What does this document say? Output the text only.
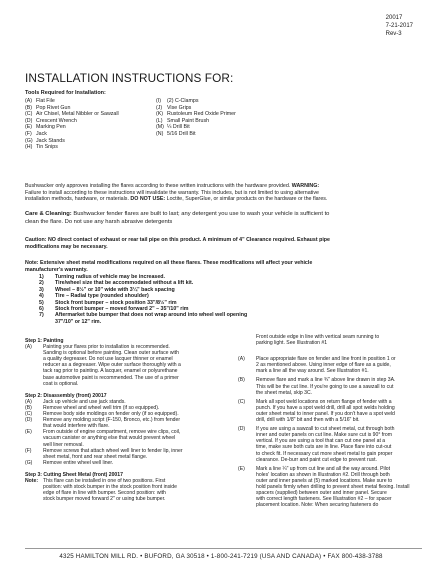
20017
7-21-2017
Rev-3
INSTALLATION INSTRUCTIONS FOR:
Tools Required for Installation:
(A) Flat File
(B) Pop Rivet Gun
(C) Air Chisel, Metal Nibbler or Sawzall
(D) Crescent Wrench
(E) Marking Pen
(F) Jack
(G) Jack Stands
(H) Tin Snips
(I) (2) C-Clamps
(J) Vise Grips
(K) Rustoleum Red Oxide Primer
(L) Small Paint Brush
(M) ¼ Drill Bit
(N) 5/16 Drill Bit

Bushwacker only approves installing the flares according to these written instructions with the hardware provided. WARNING:

Failure to install according to these instructions will invalidate the warranty. This includes, but is not limited to using alternative

installation methods, hardware, or materials. DO NOT USE: Loctite, SuperGlue, or similar products on the hardware or the flares.

Care & Cleaning: Bushwacker fender flares are built to last; any detergent you use to wash your vehicle is sufficient to

clean the flare. Do not use any harsh abrasive detergents

Caution: NO direct contact of exhaust or rear tail pipe on this product. A minimum of 4" Clearance required. Exhaust pipe

modifications may be necessary.

Note: Extensive sheet metal modifications required on all these flares. These modifications will affect your vehicle

manufacturer's warranty.

1) Turning radius of vehicle may be increased.
2) Tire/wheel size that be accommodated without a lift kit.
3) Wheel – 8½" or 10" wide with 3¼" back spacing
4) Tire – Radial type (rounded shoulder)
5) Stock front bumper – stock position 33"/8½" rim
6) Stock front bumper – moved forward 2" – 35"/10" rim
7) Aftermarket tube bumper that does not wrap around into wheel well opening
37"/10" or 12" rim.
Step 1: Painting
(A) Painting your flares prior to installation is recommended.
Sanding is optional before painting. Clean outer surface with
a quality degreaser. Do not use lacquer thinner or enamel
reducer as a degreaser. Wipe outer surface thoroughly with a
tack rag prior to painting. A lacquer, enamel or polyurethane
base automotive paint is recommended. The use of a primer
coat is optional.
Step 2: Disassembly (front) 20017
(A) Jack up vehicle and use jack stands.
(B) Remove wheel and wheel well trim (if so equipped).
(C) Remove body side moldings on fender only (if so equipped).
(D) Remove any molding script (F-150, Bronco, etc.) from fender
that would interfere with flare.
(E) From outside of engine compartment, remove wire clips, coil,
vacuum canister or anything else that would prevent wheel
well liner removal.
(F) Remove screws that attach wheel well liner to fender lip, inner
sheet metal, front and rear sheet metal flange.
(G) Remove entire wheel well liner.
Step 3: Cutting Sheet Metal (front) 20017
Note: This flare can be installed in one of two positions. First
position: with stock bumper in the stock position front inside
edge of flare in line with bumper. Second position: with
stock bumper moved forward 2" or using tube bumper.
Front outside edge in line with vertical seam running to
parking light. See Illustration #1
(A) Place appropriate flare on fender and line front in position 1 or
2 as mentioned above. Using inner edge of flare as a guide,
mark a line all the way around. See Illustration #1.
(B) Remove flare and mark a line ¾" above line drawn in step 3A.
This will be the cut line. If you're going to use a sawzall to cut
the sheet metal, skip 3C.
(C) Mark all spot weld locations on return flange of fender with a
punch. If you have a spot weld drill, drill all spot welds holding
outer sheet metal to inner panel. If you don't have a spot weld
drill, drill with 1/8" bit and then with a 5/16" bit.
(D) If you are using a sawzall to cut sheet metal, cut through both
inner and outer panels on cut line. Make sure cut is 90° from
vertical. If you are using a tool that can cut one panel at a
time, make sure both cuts are in line. Place flare into cut-out
to check fit. If necessary cut more sheet metal to gain proper
clearance. De-burr and paint cut edge to prevent rust.
(E) Mark a line ¼" up from cut line and all the way around. Pilot
holes' location as shown in Illustration #2. Drill through both
outer and inner panels at (5) marked locations. Make sure to
hold panels firmly when drilling to prevent sheet metal flexing. Install
spacers (supplied) between outer and inner panel. Secure
with correct length fasteners. See Illustration #2 – for spacer
placement location. Note: When securing fasteners do
4325 HAMILTON MILL RD. • BUFORD, GA 30518 • 1-800-241-7219 (USA AND CANADA) • FAX 800-438-3788
